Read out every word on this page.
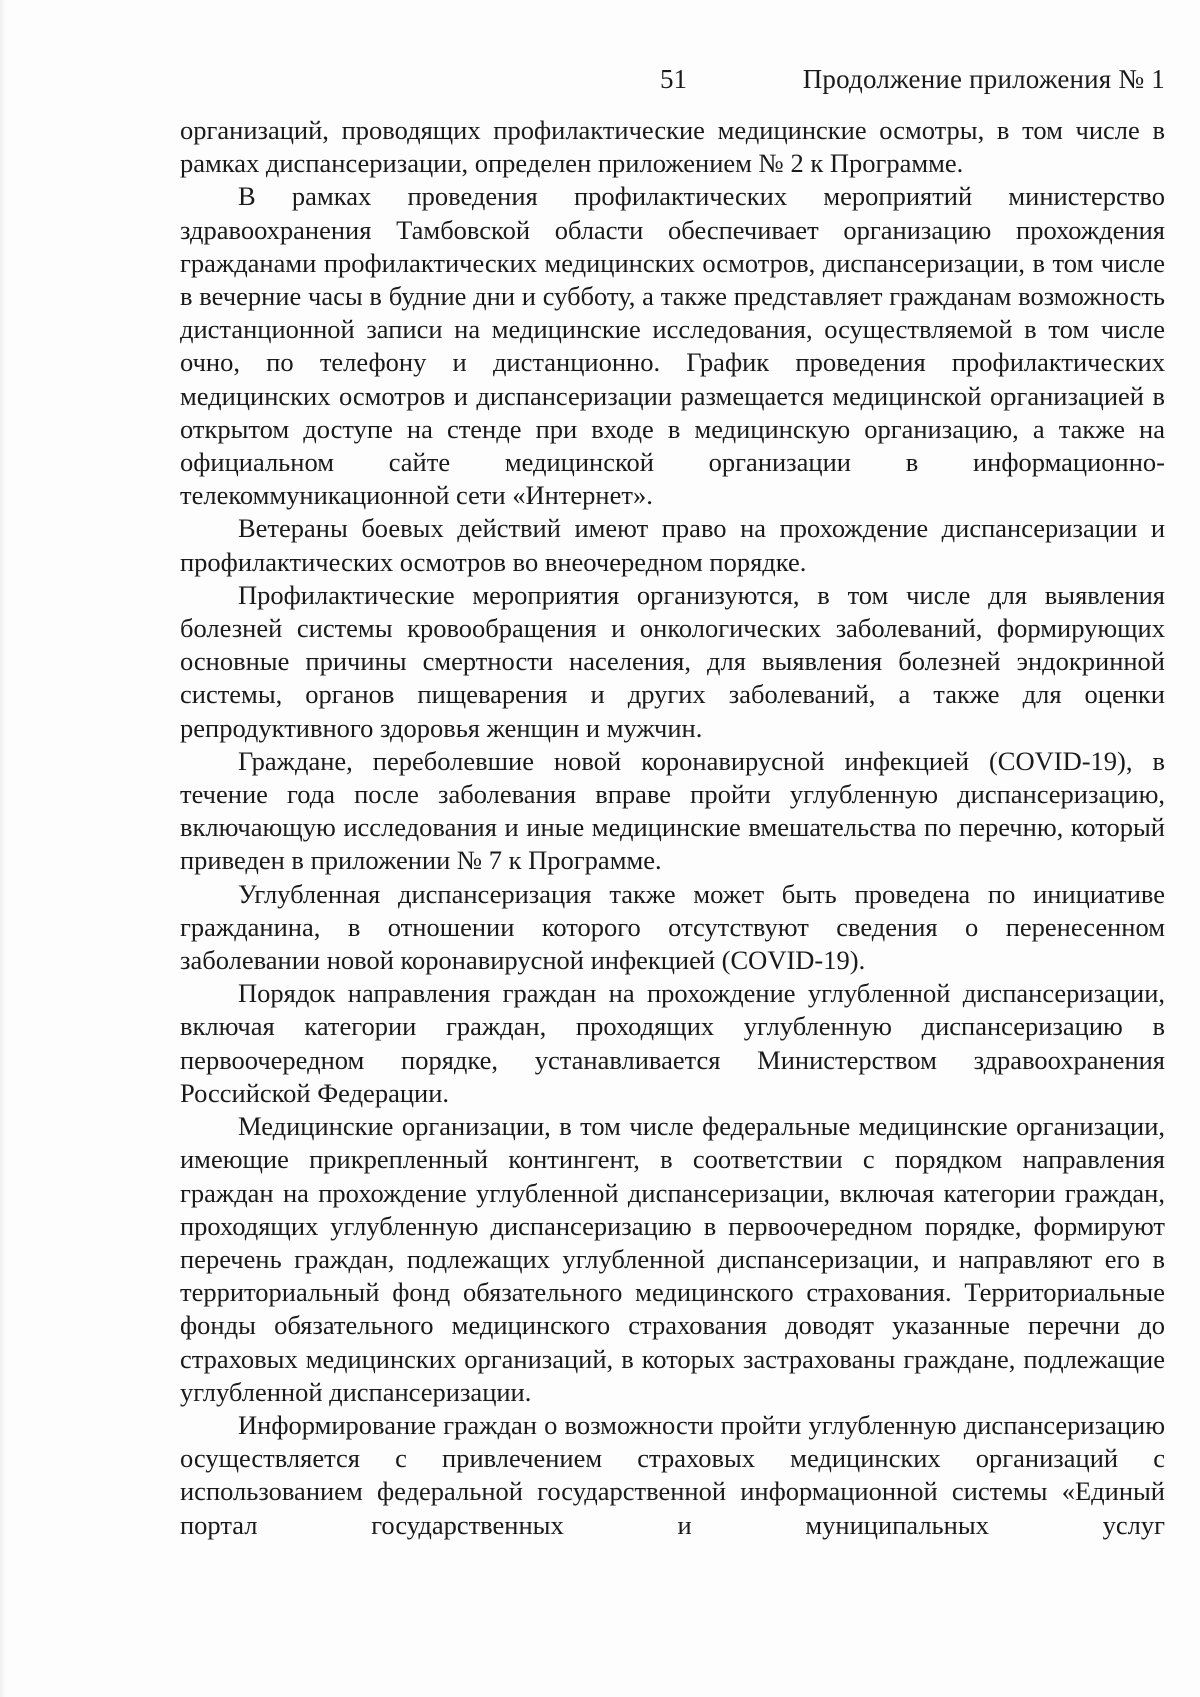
51	Продолжение приложения № 1

организаций, проводящих профилактические медицинские осмотры, в том числе в рамках диспансеризации, определен приложением № 2 к Программе.

В рамках проведения профилактических мероприятий министерство здравоохранения Тамбовской области обеспечивает организацию прохождения гражданами профилактических медицинских осмотров, диспансеризации, в том числе в вечерние часы в будние дни и субботу, а также представляет гражданам возможность дистанционной записи на медицинские исследования, осуществляемой в том числе очно, по телефону и дистанционно. График проведения профилактических медицинских осмотров и диспансеризации размещается медицинской организацией в открытом доступе на стенде при входе в медицинскую организацию, а также на официальном сайте медицинской организации в информационно-телекоммуникационной сети «Интернет».

Ветераны боевых действий имеют право на прохождение диспансеризации и профилактических осмотров во внеочередном порядке.

Профилактические мероприятия организуются, в том числе для выявления болезней системы кровообращения и онкологических заболеваний, формирующих основные причины смертности населения, для выявления болезней эндокринной системы, органов пищеварения и других заболеваний, а также для оценки репродуктивного здоровья женщин и мужчин.

Граждане, переболевшие новой коронавирусной инфекцией (COVID-19), в течение года после заболевания вправе пройти углубленную диспансеризацию, включающую исследования и иные медицинские вмешательства по перечню, который приведен в приложении № 7 к Программе.

Углубленная диспансеризация также может быть проведена по инициативе гражданина, в отношении которого отсутствуют сведения о перенесенном заболевании новой коронавирусной инфекцией (COVID-19).

Порядок направления граждан на прохождение углубленной диспансеризации, включая категории граждан, проходящих углубленную диспансеризацию в первоочередном порядке, устанавливается Министерством здравоохранения Российской Федерации.

Медицинские организации, в том числе федеральные медицинские организации, имеющие прикрепленный контингент, в соответствии с порядком направления граждан на прохождение углубленной диспансеризации, включая категории граждан, проходящих углубленную диспансеризацию в первоочередном порядке, формируют перечень граждан, подлежащих углубленной диспансеризации, и направляют его в территориальный фонд обязательного медицинского страхования. Территориальные фонды обязательного медицинского страхования доводят указанные перечни до страховых медицинских организаций, в которых застрахованы граждане, подлежащие углубленной диспансеризации.

Информирование граждан о возможности пройти углубленную диспансеризацию осуществляется с привлечением страховых медицинских организаций с использованием федеральной государственной информационной системы «Единый портал государственных и муниципальных услуг
